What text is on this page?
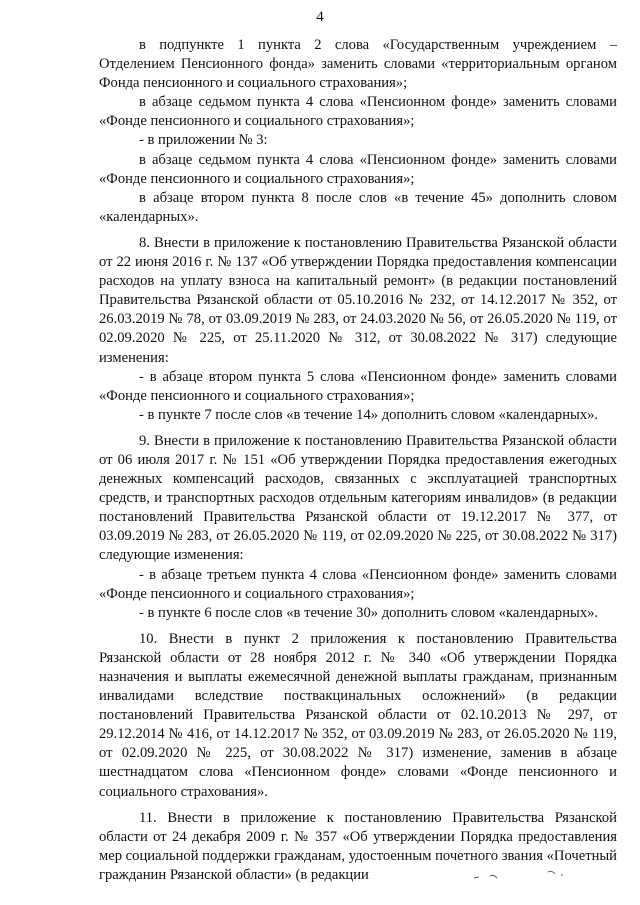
4

в подпункте 1 пункта 2 слова «Государственным учреждением – Отделением Пенсионного фонда» заменить словами «территориальным органом Фонда пенсионного и социального страхования»;

в абзаце седьмом пункта 4 слова «Пенсионном фонде» заменить словами «Фонде пенсионного и социального страхования»;

- в приложении № 3:

в абзаце седьмом пункта 4 слова «Пенсионном фонде» заменить словами «Фонде пенсионного и социального страхования»;

в абзаце втором пункта 8 после слов «в течение 45» дополнить словом «календарных».

8. Внести в приложение к постановлению Правительства Рязанской области от 22 июня 2016 г. № 137 «Об утверждении Порядка предоставления компенсации расходов на уплату взноса на капитальный ремонт» (в редакции постановлений Правительства Рязанской области от 05.10.2016 № 232, от 14.12.2017 № 352, от 26.03.2019 № 78, от 03.09.2019 № 283, от 24.03.2020 № 56, от 26.05.2020 № 119, от 02.09.2020 № 225, от 25.11.2020 № 312, от 30.08.2022 № 317) следующие изменения:

- в абзаце втором пункта 5 слова «Пенсионном фонде» заменить словами «Фонде пенсионного и социального страхования»;

- в пункте 7 после слов «в течение 14» дополнить словом «календарных».

9. Внести в приложение к постановлению Правительства Рязанской области от 06 июля 2017 г. № 151 «Об утверждении Порядка предоставления ежегодных денежных компенсаций расходов, связанных с эксплуатацией транспортных средств, и транспортных расходов отдельным категориям инвалидов» (в редакции постановлений Правительства Рязанской области от 19.12.2017 № 377, от 03.09.2019 № 283, от 26.05.2020 № 119, от 02.09.2020 № 225, от 30.08.2022 № 317) следующие изменения:

- в абзаце третьем пункта 4 слова «Пенсионном фонде» заменить словами «Фонде пенсионного и социального страхования»;

- в пункте 6 после слов «в течение 30» дополнить словом «календарных».

10. Внести в пункт 2 приложения к постановлению Правительства Рязанской области от 28 ноября 2012 г. № 340 «Об утверждении Порядка назначения и выплаты ежемесячной денежной выплаты гражданам, признанным инвалидами вследствие поствакцинальных осложнений» (в редакции постановлений Правительства Рязанской области от 02.10.2013 № 297, от 29.12.2014 № 416, от 14.12.2017 № 352, от 03.09.2019 № 283, от 26.05.2020 № 119, от 02.09.2020 № 225, от 30.08.2022 № 317) изменение, заменив в абзаце шестнадцатом слова «Пенсионном фонде» словами «Фонде пенсионного и социального страхования».

11. Внести в приложение к постановлению Правительства Рязанской области от 24 декабря 2009 г. № 357 «Об утверждении Порядка предоставления мер социальной поддержки гражданам, удостоенным почетного звания «Почетный гражданин Рязанской области» (в редакции
